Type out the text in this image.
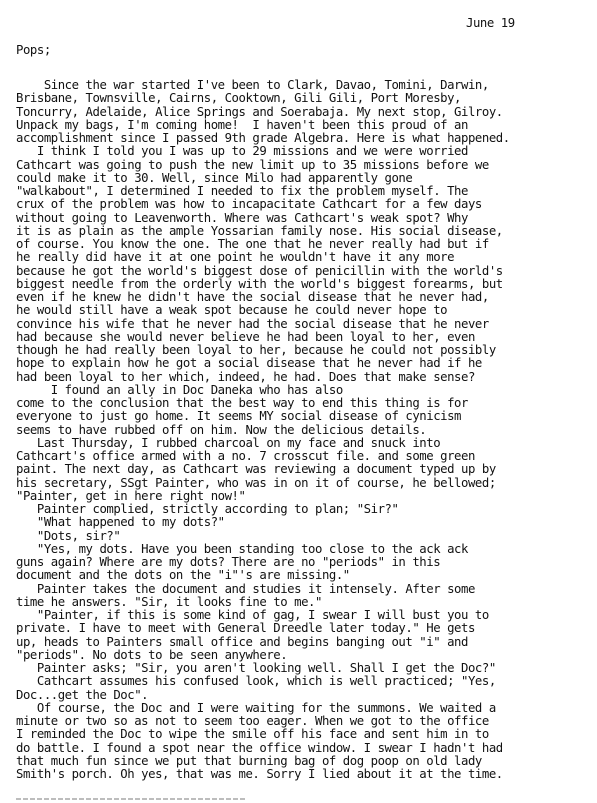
June 19
Pops;
Since the war started I've been to Clark, Davao, Tomini, Darwin,
Brisbane, Townsville, Cairns, Cooktown, Gili Gili, Port Moresby,
Toncurry, Adelaide, Alice Springs and Soerabaja. My next stop, Gilroy.
Unpack my bags, I'm coming home!  I haven't been this proud of an
accomplishment since I passed 9th grade Algebra. Here is what happened.
I think I told you I was up to 29 missions and we were worried
Cathcart was going to push the new limit up to 35 missions before we
could make it to 30. Well, since Milo had apparently gone
"walkabout", I determined I needed to fix the problem myself. The
crux of the problem was how to incapacitate Cathcart for a few days
without going to Leavenworth. Where was Cathcart's weak spot? Why
it is as plain as the ample Yossarian family nose. His social disease,
of course. You know the one. The one that he never really had but if
he really did have it at one point he wouldn't have it any more
because he got the world's biggest dose of penicillin with the world's
biggest needle from the orderly with the world's biggest forearms, but
even if he knew he didn't have the social disease that he never had,
he would still have a weak spot because he could never hope to
convince his wife that he never had the social disease that he never
had because she would never believe he had been loyal to her, even
though he had really been loyal to her, because he could not possibly
hope to explain how he got a social disease that he never had if he
had been loyal to her which, indeed, he had. Does that make sense?
I found an ally in Doc Daneka who has also
come to the conclusion that the best way to end this thing is for
everyone to just go home. It seems MY social disease of cynicism
seems to have rubbed off on him. Now the delicious details.
Last Thursday, I rubbed charcoal on my face and snuck into
Cathcart's office armed with a no. 7 crosscut file. and some green
paint. The next day, as Cathcart was reviewing a document typed up by
his secretary, SSgt Painter, who was in on it of course, he bellowed;
"Painter, get in here right now!"
Painter complied, strictly according to plan; "Sir?"
"What happened to my dots?"
"Dots, sir?"
"Yes, my dots. Have you been standing too close to the ack ack
guns again? Where are my dots? There are no "periods" in this
document and the dots on the "i"'s are missing."
Painter takes the document and studies it intensely. After some
time he answers. "Sir, it looks fine to me."
"Painter, if this is some kind of gag, I swear I will bust you to
private. I have to meet with General Dreedle later today." He gets
up, heads to Painters small office and begins banging out "i" and
"periods". No dots to be seen anywhere.
Painter asks; "Sir, you aren't looking well. Shall I get the Doc?"
Cathcart assumes his confused look, which is well practiced; "Yes,
Doc...get the Doc".
Of course, the Doc and I were waiting for the summons. We waited a
minute or two so as not to seem too eager. When we got to the office
I reminded the Doc to wipe the smile off his face and sent him in to
do battle. I found a spot near the office window. I swear I hadn't had
that much fun since we put that burning bag of dog poop on old lady
Smith's porch. Oh yes, that was me. Sorry I lied about it at the time.
